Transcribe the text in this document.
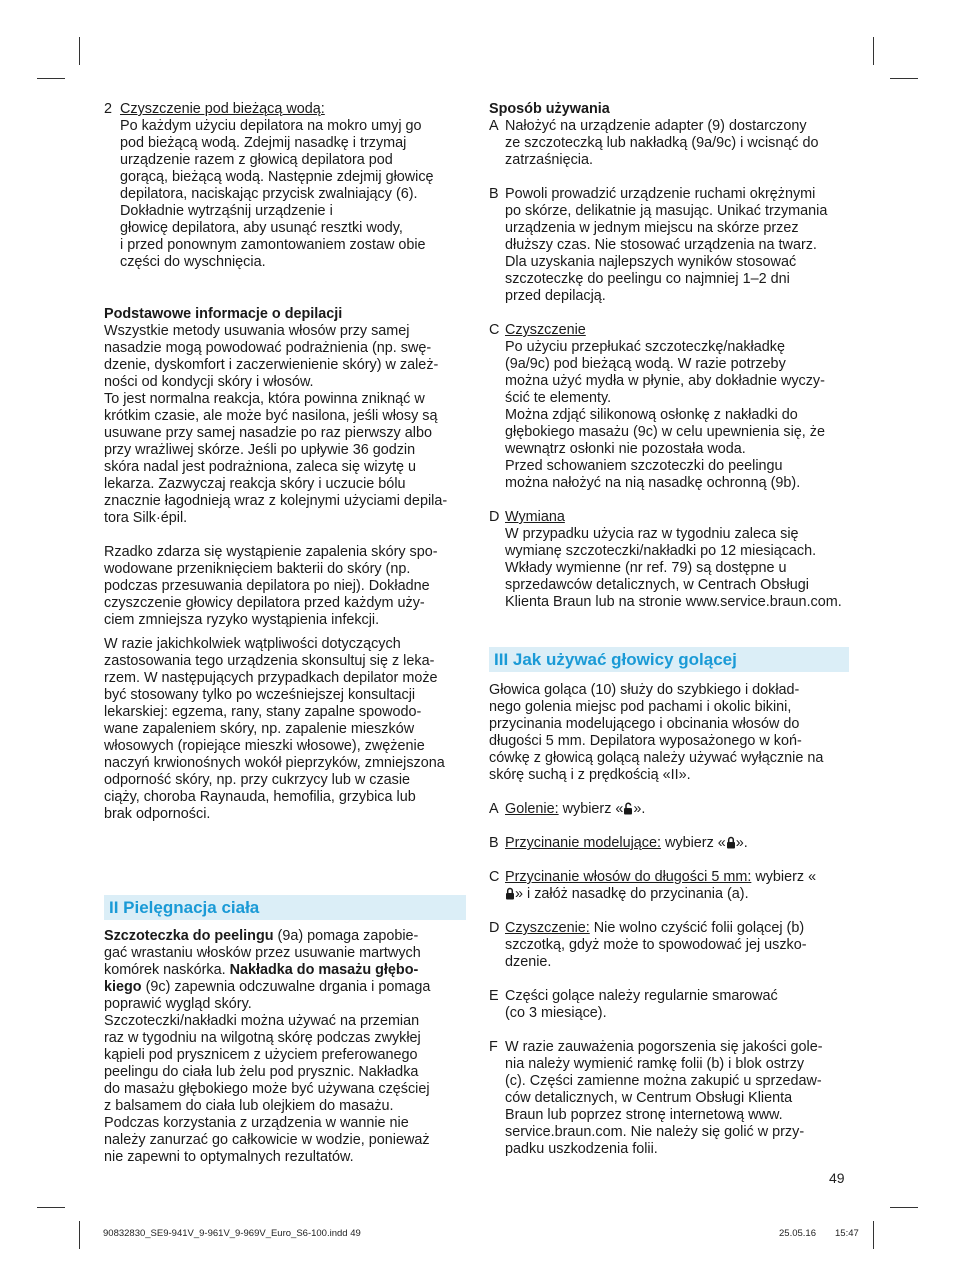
2 Czyszczenie pod bieżącą wodą:
Po każdym użyciu depilatora na mokro umyj go
pod bieżącą wodą. Zdejmij nasadkę i trzymaj
urządzenie razem z głowicą depilatora pod
gorącą, bieżącą wodą. Następnie zdejmij głowicę
depilatora, naciskając przycisk zwalniający (6).
Dokładnie wytrząśnij urządzenie i
głowicę depilatora, aby usunąć resztki wody,
i przed ponownym zamontowaniem zostaw obie
części do wyschnięcia.
Podstawowe informacje o depilacji
Wszystkie metody usuwania włosów przy samej
nasadzie mogą powodować podrażnienia (np. swę-
dzenie, dyskomfort i zaczerwienienie skóry) w zależ-
ności od kondycji skóry i włosów.
To jest normalna reakcja, która powinna zniknąć w
krótkim czasie, ale może być nasilona, jeśli włosy są
usuwane przy samej nasadzie po raz pierwszy albo
przy wrażliwej skórze. Jeśli po upływie 36 godzin
skóra nadal jest podrażniona, zaleca się wizytę u
lekarza. Zazwyczaj reakcja skóry i uczucie bólu
znacznie łagodnieją wraz z kolejnymi użyciami depila-
tora Silk·épil.
Rzadko zdarza się wystąpienie zapalenia skóry spo-
wodowane przeniknięciem bakterii do skóry (np.
podczas przesuwania depilatora po niej). Dokładne
czyszczenie głowicy depilatora przed każdym uży-
ciem zmniejsza ryzyko wystąpienia infekcji.
W razie jakichkolwiek wątpliwości dotyczących
zastosowania tego urządzenia skonsultuj się z leka-
rzem. W następujących przypadkach depilator może
być stosowany tylko po wcześniejszej konsultacji
lekarskiej: egzema, rany, stany zapalne spowodo-
wane zapaleniem skóry, np. zapalenie mieszków
włosowych (ropiejące mieszki włosowe), zwężenie
naczyń krwionośnych wokół pieprzyków, zmniejszona
odporność skóry, np. przy cukrzycy lub w czasie
ciąży, choroba Raynauda, hemofilia, grzybica lub
brak odporności.
II Pielęgnacja ciała
Szczoteczka do peelingu (9a) pomaga zapobie-
gać wrastaniu włosków przez usuwanie martwych
komórek naskórka. Nakładka do masażu głębo-
kiego (9c) zapewnia odczuwalne drgania i pomaga
poprawić wygląd skóry.
Szczoteczki/nakładki można używać na przemian
raz w tygodniu na wilgotną skórę podczas zwykłej
kąpieli pod prysznicem z użyciem preferowanego
peelingu do ciała lub żelu pod prysznic. Nakładka
do masażu głębokiego może być używana częściej
z balsamem do ciała lub olejkiem do masażu.
Podczas korzystania z urządzenia w wannie nie
należy zanurzać go całkowicie w wodzie, ponieważ
nie zapewni to optymalnych rezultatów.
Sposób używania
A Nałożyć na urządzenie adapter (9) dostarczony
ze szczoteczką lub nakładką (9a/9c) i wcisnąć do
zatrzaśnięcia.
B Powoli prowadzić urządzenie ruchami okrężnymi
po skórze, delikatnie ją masując. Unikać trzymania
urządzenia w jednym miejscu na skórze przez
dłuższy czas. Nie stosować urządzenia na twarz.
Dla uzyskania najlepszych wyników stosować
szczoteczkę do peelingu co najmniej 1–2 dni
przed depilacją.
C Czyszczenie
Po użyciu przepłukać szczoteczkę/nakładkę
(9a/9c) pod bieżącą wodą. W razie potrzeby
można użyć mydła w płynie, aby dokładnie wyczy-
ścić te elementy.
Można zdjąć silikonową osłonkę z nakładki do
głębokiego masażu (9c) w celu upewnienia się, że
wewnątrz osłonki nie pozostała woda.
Przed schowaniem szczoteczki do peelingu
można nałożyć na nią nasadkę ochronną (9b).
D Wymiana
W przypadku użycia raz w tygodniu zaleca się
wymianę szczoteczki/nakładki po 12 miesiącach.
Wkłady wymienne (nr ref. 79) są dostępne u
sprzedawców detalicznych, w Centrach Obsługi
Klienta Braun lub na stronie www.service.braun.com.
III Jak używać głowicy golącej
Głowica goląca (10) służy do szybkiego i dokład-
nego golenia miejsc pod pachami i okolic bikini,
przycinania modelującego i obcinania włosów do
długości 5 mm. Depilatora wyposażonego w koń-
cówkę z głowicą golącą należy używać wyłącznie na
skórę suchą i z prędkością «II».
A Golenie: wybierz « ».
B Przycinanie modelujące: wybierz « ».
C Przycinanie włosów do długości 5 mm: wybierz «
» i załóż nasadkę do przycinania (a).
D Czyszczenie: Nie wolno czyścić folii golącej (b)
szczotką, gdyż może to spowodować jej uszko-
dzenie.
E Części golące należy regularnie smarować
(co 3 miesiące).
F W razie zauważenia pogorszenia się jakości gole-
nia należy wymienić ramkę folii (b) i blok ostrzy
(c). Części zamienne można zakupić u sprzedaw-
ców detalicznych, w Centrum Obsługi Klienta
Braun lub poprzez stronę internetową www.
service.braun.com. Nie należy się golić w przy-
padku uszkodzenia folii.
49
90832830_SE9-941V_9-961V_9-969V_Euro_S6-100.indd 49	25.05.16 15:47
